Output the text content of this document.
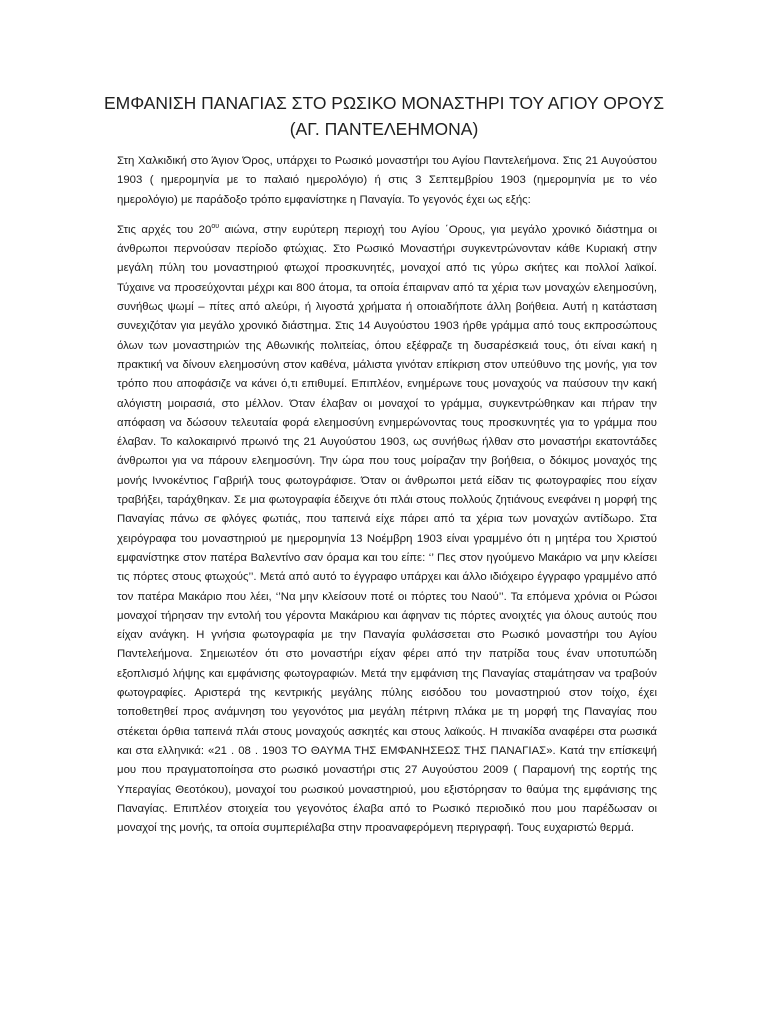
ΕΜΦΑΝΙΣΗ ΠΑΝΑΓΙΑΣ ΣΤΟ ΡΩΣΙΚΟ ΜΟΝΑΣΤΗΡΙ ΤΟΥ ΑΓΙΟΥ ΟΡΟΥΣ (ΑΓ. ΠΑΝΤΕΛΕΗΜΟΝΑ)

Στη Χαλκιδική στο Άγιον Όρος, υπάρχει το Ρωσικό μοναστήρι του Αγίου Παντελεήμονα. Στις 21 Αυγούστου 1903 ( ημερομηνία με το παλαιό ημερολόγιο) ή στις 3 Σεπτεμβρίου 1903 (ημερομηνία με το νέο ημερολόγιο) με παράδοξο τρόπο εμφανίστηκε η Παναγία. Το γεγονός έχει ως εξής:

Στις αρχές του $20^{o\upsilon}$ αιώνα, στην ευρύτερη περιοχή του Αγίου ΄Ορους, για μεγάλο χρονικό διάστημα οι άνθρωποι περνούσαν περίοδο φτώχιας. Στο Ρωσικό Μοναστήρι συγκεντρώνονταν κάθε Κυριακή στην μεγάλη πύλη του μοναστηριού φτωχοί προσκυνητές, μοναχοί από τις γύρω σκήτες και πολλοί λαϊκοί. Τύχαινε να προσεύχονται μέχρι και 800 άτομα, τα οποία έπαιρναν από τα χέρια των μοναχών ελεημοσύνη, συνήθως ψωμί – πίτες από αλεύρι, ή λιγοστά χρήματα ή οποιαδήποτε άλλη βοήθεια. Αυτή η κατάσταση συνεχιζόταν για μεγάλο χρονικό διάστημα. Στις 14 Αυγούστου 1903 ήρθε γράμμα από τους εκπροσώπους όλων των μοναστηριών της Αθωνικής πολιτείας, όπου εξέφραζε τη δυσαρέσκειά τους, ότι είναι κακή η πρακτική να δίνουν ελεημοσύνη στον καθένα, μάλιστα γινόταν επίκριση στον υπεύθυνο της μονής, για τον τρόπο που αποφάσιζε να κάνει ό,τι επιθυμεί. Επιπλέον, ενημέρωνε τους μοναχούς να παύσουν την κακή αλόγιστη μοιρασιά, στο μέλλον. Όταν έλαβαν οι μοναχοί το γράμμα, συγκεντρώθηκαν και πήραν την απόφαση να δώσουν τελευταία φορά ελεημοσύνη ενημερώνοντας τους προσκυνητές για το γράμμα που έλαβαν. Το καλοκαιρινό πρωινό της 21 Αυγούστου 1903, ως συνήθως ήλθαν στο μοναστήρι εκατοντάδες άνθρωποι για να πάρουν ελεημοσύνη. Την ώρα που τους μοίραζαν την βοήθεια, ο δόκιμος μοναχός της μονής Ιννοκέντιος Γαβριήλ τους φωτογράφισε. Όταν οι άνθρωποι μετά είδαν τις φωτογραφίες που είχαν τραβήξει, ταράχθηκαν. Σε μια φωτογραφία έδειχνε ότι πλάι στους πολλούς ζητιάνους ενεφάνει η μορφή της Παναγίας πάνω σε φλόγες φωτιάς, που ταπεινά είχε πάρει από τα χέρια των μοναχών αντίδωρο. Στα χειρόγραφα του μοναστηριού με ημερομηνία 13 Νοέμβρη 1903 είναι γραμμένο ότι η μητέρα του Χριστού εμφανίστηκε στον πατέρα Βαλεντίνο σαν όραμα και του είπε: ‘’ Πες στον ηγούμενο Μακάριο να μην κλείσει τις πόρτες στους φτωχούς’’. Μετά από αυτό το έγγραφο υπάρχει και άλλο ιδιόχειρο έγγραφο γραμμένο από τον πατέρα Μακάριο που λέει, ‘’Να μην κλείσουν ποτέ οι πόρτες του Ναού’’. Τα επόμενα χρόνια οι Ρώσοι μοναχοί τήρησαν την εντολή του γέροντα Μακάριου και άφηναν τις πόρτες ανοιχτές για όλους αυτούς που είχαν ανάγκη. Η γνήσια φωτογραφία με την Παναγία φυλάσσεται στο Ρωσικό μοναστήρι του Αγίου Παντελεήμονα. Σημειωτέον ότι στο μοναστήρι είχαν φέρει από την πατρίδα τους έναν υποτυπώδη εξοπλισμό λήψης και εμφάνισης φωτογραφιών. Μετά την εμφάνιση της Παναγίας σταμάτησαν να τραβούν φωτογραφίες. Αριστερά της κεντρικής μεγάλης πύλης εισόδου του μοναστηριού στον τοίχο, έχει τοποθετηθεί προς ανάμνηση του γεγονότος μια μεγάλη πέτρινη πλάκα με τη μορφή της Παναγίας που στέκεται όρθια ταπεινά πλάι στους μοναχούς ασκητές και στους λαϊκούς. Η πινακίδα αναφέρει στα ρωσικά και στα ελληνικά: «21 . 08 . 1903 ΤΟ ΘΑΥΜΑ ΤΗΣ ΕΜΦΑΝΗΣΕΩΣ ΤΗΣ ΠΑΝΑΓΙΑΣ». Κατά την επίσκεψή μου που πραγματοποίησα στο ρωσικό μοναστήρι στις 27 Αυγούστου 2009 ( Παραμονή της εορτής της Υπεραγίας Θεοτόκου), μοναχοί του ρωσικού μοναστηριού, μου εξιστόρησαν το θαύμα της εμφάνισης της Παναγίας. Επιπλέον στοιχεία του γεγονότος έλαβα από το Ρωσικό περιοδικό που μου παρέδωσαν οι μοναχοί της μονής, τα οποία συμπεριέλαβα στην προαναφερόμενη περιγραφή. Τους ευχαριστώ θερμά.
